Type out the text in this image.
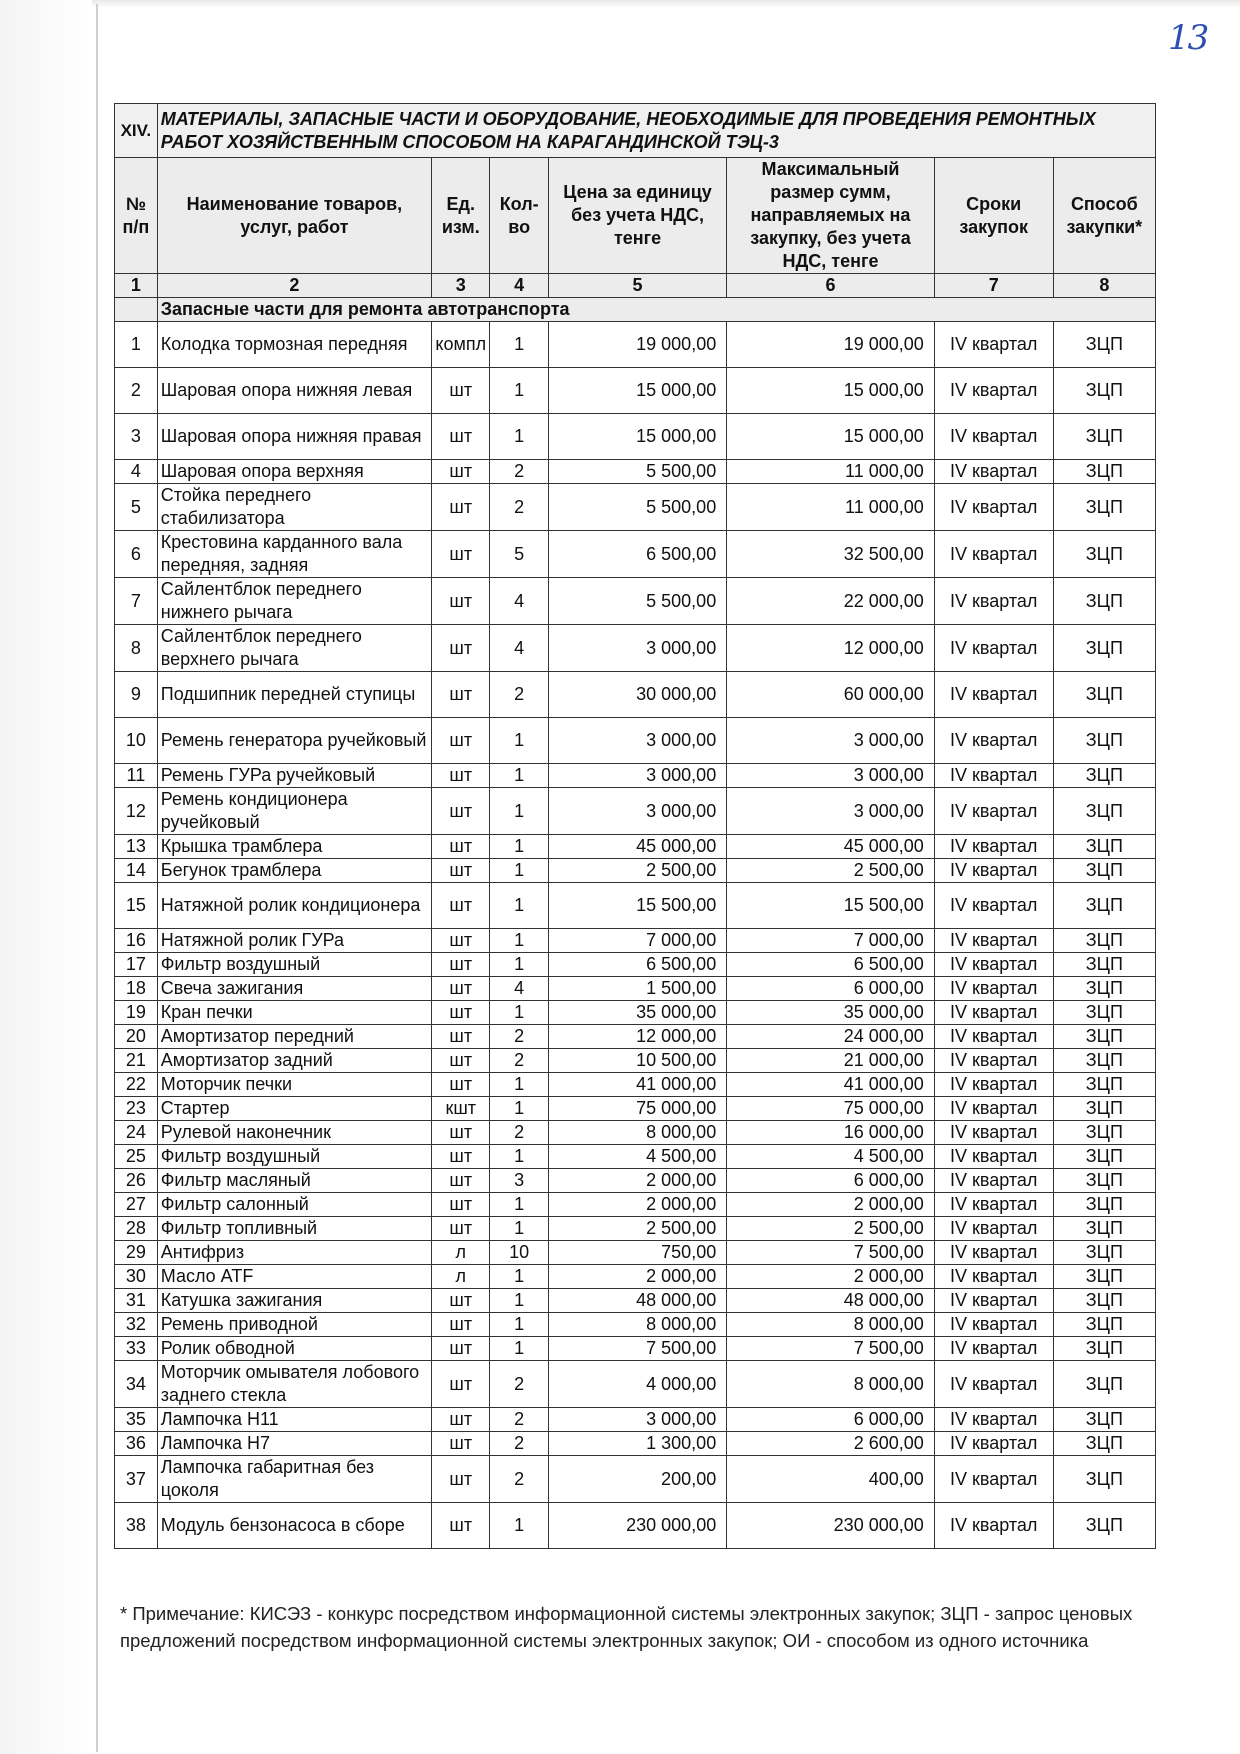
13
XIV.	МАТЕРИАЛЫ, ЗАПАСНЫЕ ЧАСТИ И ОБОРУДОВАНИЕ, НЕОБХОДИМЫЕ ДЛЯ ПРОВЕДЕНИЯ РЕМОНТНЫХ РАБОТ ХОЗЯЙСТВЕННЫМ СПОСОБОМ НА КАРАГАНДИНСКОЙ ТЭЦ-3						
№ п/п	Наименование товаров, услуг, работ	Ед. изм.	Кол-во	Цена за единицу без учета НДС, тенге	Максимальный размер сумм, направляемых на закупку, без учета НДС, тенге	Сроки закупок	Способ закупки*
1	2	3	4	5	6	7	8
	Запасные части для ремонта автотранспорта						
1	Колодка тормозная передняя	компл	1	19 000,00	19 000,00	IV квартал	ЗЦП
2	Шаровая опора нижняя левая	шт	1	15 000,00	15 000,00	IV квартал	ЗЦП
3	Шаровая опора нижняя правая	шт	1	15 000,00	15 000,00	IV квартал	ЗЦП
4	Шаровая опора верхняя	шт	2	5 500,00	11 000,00	IV квартал	ЗЦП
5	Стойка переднего стабилизатора	шт	2	5 500,00	11 000,00	IV квартал	ЗЦП
6	Крестовина карданного вала передняя, задняя	шт	5	6 500,00	32 500,00	IV квартал	ЗЦП
7	Сайлентблок переднего нижнего рычага	шт	4	5 500,00	22 000,00	IV квартал	ЗЦП
8	Сайлентблок переднего верхнего рычага	шт	4	3 000,00	12 000,00	IV квартал	ЗЦП
9	Подшипник передней ступицы	шт	2	30 000,00	60 000,00	IV квартал	ЗЦП
10	Ремень генератора ручейковый	шт	1	3 000,00	3 000,00	IV квартал	ЗЦП
11	Ремень ГУРа ручейковый	шт	1	3 000,00	3 000,00	IV квартал	ЗЦП
12	Ремень кондиционера ручейковый	шт	1	3 000,00	3 000,00	IV квартал	ЗЦП
13	Крышка трамблера	шт	1	45 000,00	45 000,00	IV квартал	ЗЦП
14	Бегунок трамблера	шт	1	2 500,00	2 500,00	IV квартал	ЗЦП
15	Натяжной ролик кондиционера	шт	1	15 500,00	15 500,00	IV квартал	ЗЦП
16	Натяжной ролик ГУРа	шт	1	7 000,00	7 000,00	IV квартал	ЗЦП
17	Фильтр воздушный	шт	1	6 500,00	6 500,00	IV квартал	ЗЦП
18	Свеча зажигания	шт	4	1 500,00	6 000,00	IV квартал	ЗЦП
19	Кран печки	шт	1	35 000,00	35 000,00	IV квартал	ЗЦП
20	Амортизатор передний	шт	2	12 000,00	24 000,00	IV квартал	ЗЦП
21	Амортизатор задний	шт	2	10 500,00	21 000,00	IV квартал	ЗЦП
22	Моторчик печки	шт	1	41 000,00	41 000,00	IV квартал	ЗЦП
23	Стартер	кшт	1	75 000,00	75 000,00	IV квартал	ЗЦП
24	Рулевой наконечник	шт	2	8 000,00	16 000,00	IV квартал	ЗЦП
25	Фильтр воздушный	шт	1	4 500,00	4 500,00	IV квартал	ЗЦП
26	Фильтр масляный	шт	3	2 000,00	6 000,00	IV квартал	ЗЦП
27	Фильтр салонный	шт	1	2 000,00	2 000,00	IV квартал	ЗЦП
28	Фильтр топливный	шт	1	2 500,00	2 500,00	IV квартал	ЗЦП
29	Антифриз	л	10	750,00	7 500,00	IV квартал	ЗЦП
30	Масло ATF	л	1	2 000,00	2 000,00	IV квартал	ЗЦП
31	Катушка зажигания	шт	1	48 000,00	48 000,00	IV квартал	ЗЦП
32	Ремень приводной	шт	1	8 000,00	8 000,00	IV квартал	ЗЦП
33	Ролик обводной	шт	1	7 500,00	7 500,00	IV квартал	ЗЦП
34	Моторчик омывателя лобового заднего стекла	шт	2	4 000,00	8 000,00	IV квартал	ЗЦП
35	Лампочка Н11	шт	2	3 000,00	6 000,00	IV квартал	ЗЦП
36	Лампочка Н7	шт	2	1 300,00	2 600,00	IV квартал	ЗЦП
37	Лампочка габаритная без цоколя	шт	2	200,00	400,00	IV квартал	ЗЦП
38	Модуль бензонасоса в сборе	шт	1	230 000,00	230 000,00	IV квартал	ЗЦП
* Примечание: КИСЭЗ - конкурс посредством информационной системы электронных закупок; ЗЦП - запрос ценовых предложений посредством информационной системы электронных закупок; ОИ - способом из одного источника
